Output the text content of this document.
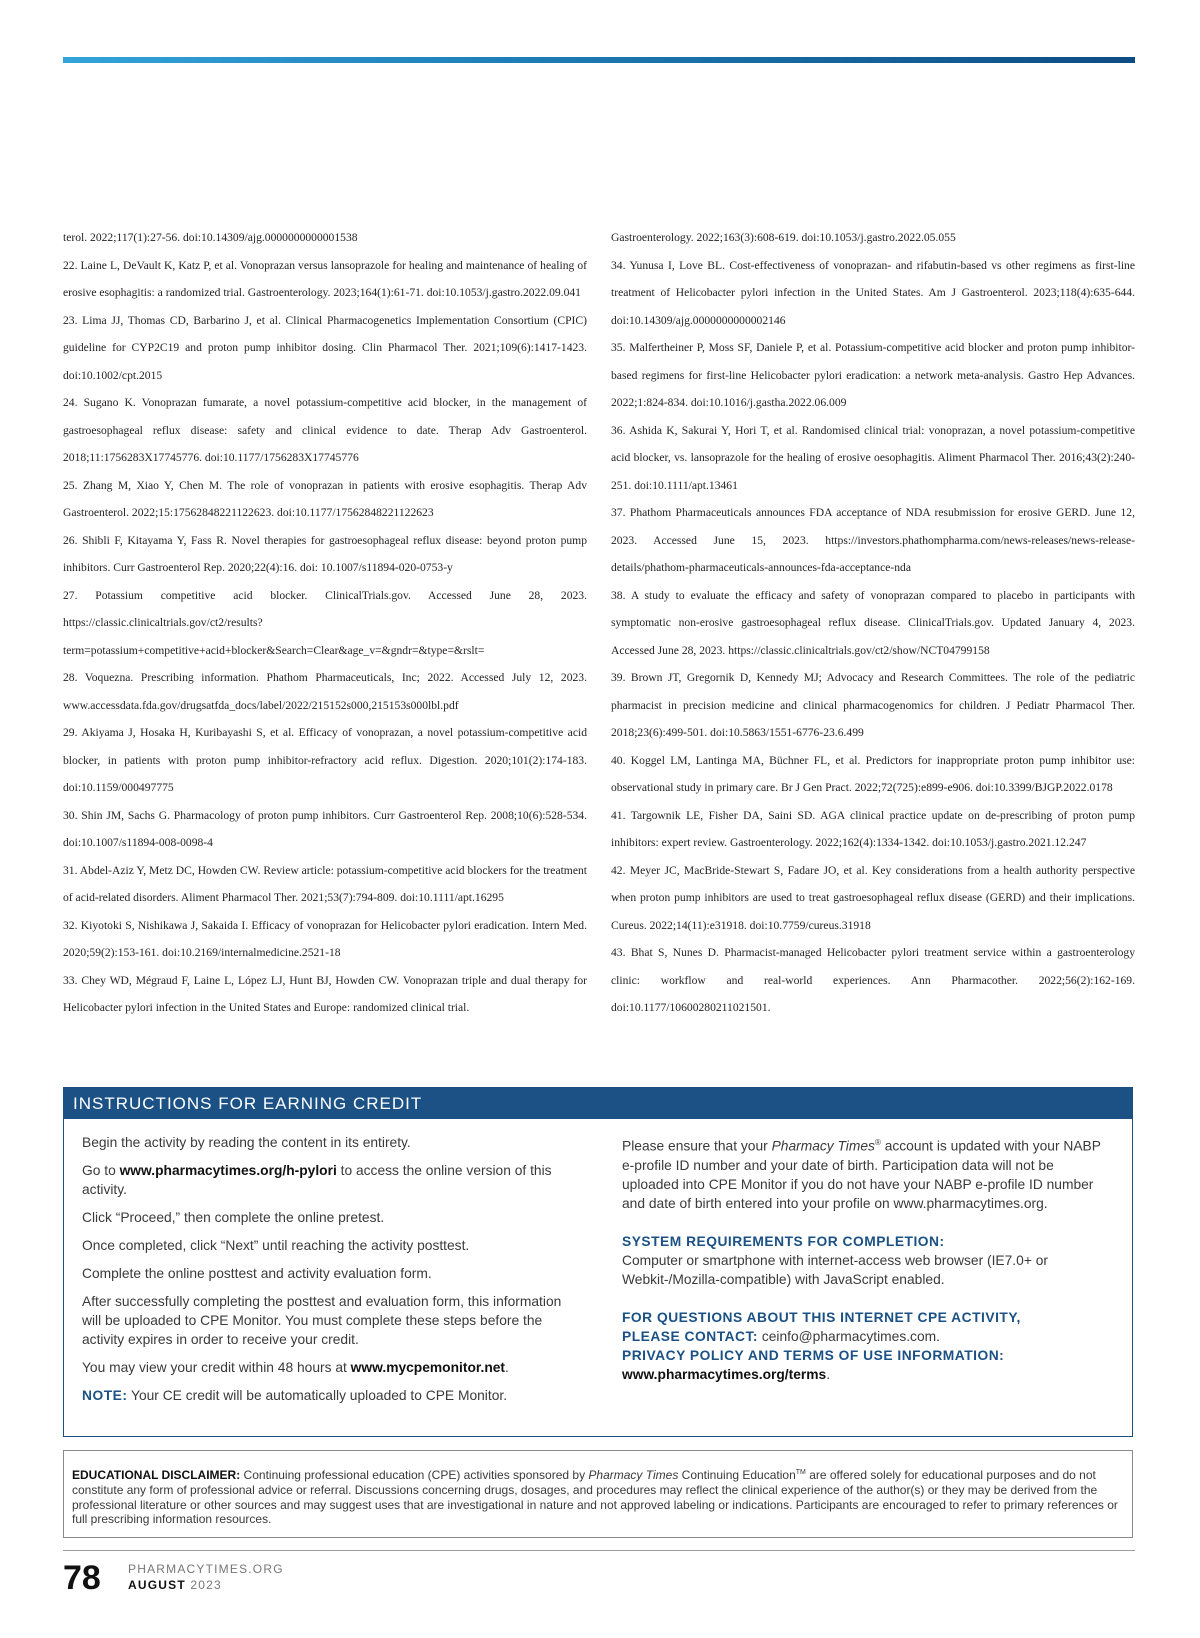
terol. 2022;117(1):27-56. doi:10.14309/ajg.0000000000001538

22. Laine L, DeVault K, Katz P, et al. Vonoprazan versus lansoprazole for healing and maintenance of healing of erosive esophagitis: a randomized trial. Gastroenterology. 2023;164(1):61-71. doi:10.1053/j.gastro.2022.09.041

23. Lima JJ, Thomas CD, Barbarino J, et al. Clinical Pharmacogenetics Implementation Consortium (CPIC) guideline for CYP2C19 and proton pump inhibitor dosing. Clin Pharmacol Ther. 2021;109(6):1417-1423. doi:10.1002/cpt.2015

24. Sugano K. Vonoprazan fumarate, a novel potassium-competitive acid blocker, in the management of gastroesophageal reflux disease: safety and clinical evidence to date. Therap Adv Gastroenterol. 2018;11:1756283X17745776. doi:10.1177/1756283X17745776

25. Zhang M, Xiao Y, Chen M. The role of vonoprazan in patients with erosive esophagitis. Therap Adv Gastroenterol. 2022;15:17562848221122623. doi:10.1177/17562848221122623

26. Shibli F, Kitayama Y, Fass R. Novel therapies for gastroesophageal reflux disease: beyond proton pump inhibitors. Curr Gastroenterol Rep. 2020;22(4):16. doi: 10.1007/s11894-020-0753-y

27. Potassium competitive acid blocker. ClinicalTrials.gov. Accessed June 28, 2023. https://classic.clinicaltrials.gov/ct2/results?term=potassium+competitive+acid+blocker&Search=Clear&age_v=&gndr=&type=&rslt=

28. Voquezna. Prescribing information. Phathom Pharmaceuticals, Inc; 2022. Accessed July 12, 2023. www.accessdata.fda.gov/drugsatfda_docs/label/2022/215152s000,215153s000lbl.pdf

29. Akiyama J, Hosaka H, Kuribayashi S, et al. Efficacy of vonoprazan, a novel potassium-competitive acid blocker, in patients with proton pump inhibitor-refractory acid reflux. Digestion. 2020;101(2):174-183. doi:10.1159/000497775

30. Shin JM, Sachs G. Pharmacology of proton pump inhibitors. Curr Gastroenterol Rep. 2008;10(6):528-534. doi:10.1007/s11894-008-0098-4

31. Abdel-Aziz Y, Metz DC, Howden CW. Review article: potassium-competitive acid blockers for the treatment of acid-related disorders. Aliment Pharmacol Ther. 2021;53(7):794-809. doi:10.1111/apt.16295

32. Kiyotoki S, Nishikawa J, Sakaida I. Efficacy of vonoprazan for Helicobacter pylori eradication. Intern Med. 2020;59(2):153-161. doi:10.2169/internalmedicine.2521-18

33. Chey WD, Mégraud F, Laine L, López LJ, Hunt BJ, Howden CW. Vonoprazan triple and dual therapy for Helicobacter pylori infection in the United States and Europe: randomized clinical trial.

Gastroenterology. 2022;163(3):608-619. doi:10.1053/j.gastro.2022.05.055

34. Yunusa I, Love BL. Cost-effectiveness of vonoprazan- and rifabutin-based vs other regimens as first-line treatment of Helicobacter pylori infection in the United States. Am J Gastroenterol. 2023;118(4):635-644. doi:10.14309/ajg.0000000000002146

35. Malfertheiner P, Moss SF, Daniele P, et al. Potassium-competitive acid blocker and proton pump inhibitor-based regimens for first-line Helicobacter pylori eradication: a network meta-analysis. Gastro Hep Advances. 2022;1:824-834. doi:10.1016/j.gastha.2022.06.009

36. Ashida K, Sakurai Y, Hori T, et al. Randomised clinical trial: vonoprazan, a novel potassium-competitive acid blocker, vs. lansoprazole for the healing of erosive oesophagitis. Aliment Pharmacol Ther. 2016;43(2):240-251. doi:10.1111/apt.13461

37. Phathom Pharmaceuticals announces FDA acceptance of NDA resubmission for erosive GERD. June 12, 2023. Accessed June 15, 2023. https://investors.phathompharma.com/news-releases/news-release-details/phathom-pharmaceuticals-announces-fda-acceptance-nda

38. A study to evaluate the efficacy and safety of vonoprazan compared to placebo in participants with symptomatic non-erosive gastroesophageal reflux disease. ClinicalTrials.gov. Updated January 4, 2023. Accessed June 28, 2023. https://classic.clinicaltrials.gov/ct2/show/NCT04799158

39. Brown JT, Gregornik D, Kennedy MJ; Advocacy and Research Committees. The role of the pediatric pharmacist in precision medicine and clinical pharmacogenomics for children. J Pediatr Pharmacol Ther. 2018;23(6):499-501. doi:10.5863/1551-6776-23.6.499

40. Koggel LM, Lantinga MA, Büchner FL, et al. Predictors for inappropriate proton pump inhibitor use: observational study in primary care. Br J Gen Pract. 2022;72(725):e899-e906. doi:10.3399/BJGP.2022.0178

41. Targownik LE, Fisher DA, Saini SD. AGA clinical practice update on de-prescribing of proton pump inhibitors: expert review. Gastroenterology. 2022;162(4):1334-1342. doi:10.1053/j.gastro.2021.12.247

42. Meyer JC, MacBride-Stewart S, Fadare JO, et al. Key considerations from a health authority perspective when proton pump inhibitors are used to treat gastroesophageal reflux disease (GERD) and their implications. Cureus. 2022;14(11):e31918. doi:10.7759/cureus.31918

43. Bhat S, Nunes D. Pharmacist-managed Helicobacter pylori treatment service within a gastroenterology clinic: workflow and real-world experiences. Ann Pharmacother. 2022;56(2):162-169. doi:10.1177/10600280211021501.

INSTRUCTIONS FOR EARNING CREDIT

Begin the activity by reading the content in its entirety.

Go to www.pharmacytimes.org/h-pylori to access the online version of this activity.

Click “Proceed,” then complete the online pretest.

Once completed, click “Next” until reaching the activity posttest.

Complete the online posttest and activity evaluation form.

After successfully completing the posttest and evaluation form, this information will be uploaded to CPE Monitor. You must complete these steps before the activity expires in order to receive your credit.

You may view your credit within 48 hours at www.mycpemonitor.net.

NOTE: Your CE credit will be automatically uploaded to CPE Monitor.

Please ensure that your Pharmacy Times® account is updated with your NABP e-profile ID number and your date of birth. Participation data will not be uploaded into CPE Monitor if you do not have your NABP e-profile ID number and date of birth entered into your profile on www.pharmacytimes.org.

SYSTEM REQUIREMENTS FOR COMPLETION:

Computer or smartphone with internet-access web browser (IE7.0+ or Webkit-/Mozilla-compatible) with JavaScript enabled.

FOR QUESTIONS ABOUT THIS INTERNET CPE ACTIVITY,

PLEASE CONTACT: ceinfo@pharmacytimes.com.

PRIVACY POLICY AND TERMS OF USE INFORMATION:

www.pharmacytimes.org/terms.

EDUCATIONAL DISCLAIMER: Continuing professional education (CPE) activities sponsored by Pharmacy Times Continuing Education™ are offered solely for educational purposes and do not constitute any form of professional advice or referral. Discussions concerning drugs, dosages, and procedures may reflect the clinical experience of the author(s) or they may be derived from the professional literature or other sources and may suggest uses that are investigational in nature and not approved labeling or indications. Participants are encouraged to refer to primary references or full prescribing information resources.
78 PHARMACYTIMES.ORG
AUGUST 2023
